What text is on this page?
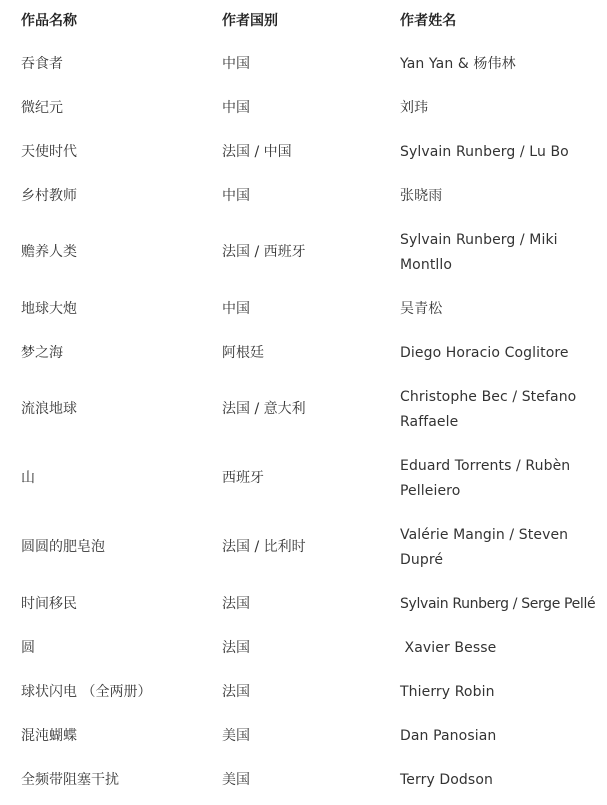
作品名称	作者国别	作者姓名
吞食者	中国	Yan Yan & 杨伟林
微纪元	中国	刘玮
天使时代	法国 / 中国	Sylvain Runberg / Lu Bo
乡村教师	中国	张晓雨
赡养人类	法国 / 西班牙	Sylvain Runberg / Miki Montllo
地球大炮	中国	吴青松
梦之海	阿根廷	Diego Horacio Coglitore
流浪地球	法国 / 意大利	Christophe Bec / Stefano Raffaele
山	西班牙	Eduard Torrents / Rubèn Pelleiero
圆圆的肥皂泡	法国 / 比利时	Valérie Mangin / Steven Dupré
时间移民	法国	Sylvain Runberg / Serge Pellé
圆	法国	Xavier Besse
球状闪电 （全两册）	法国	Thierry Robin
混沌蝴蝶	美国	Dan Panosian
全频带阻塞干扰	美国	Terry Dodson
